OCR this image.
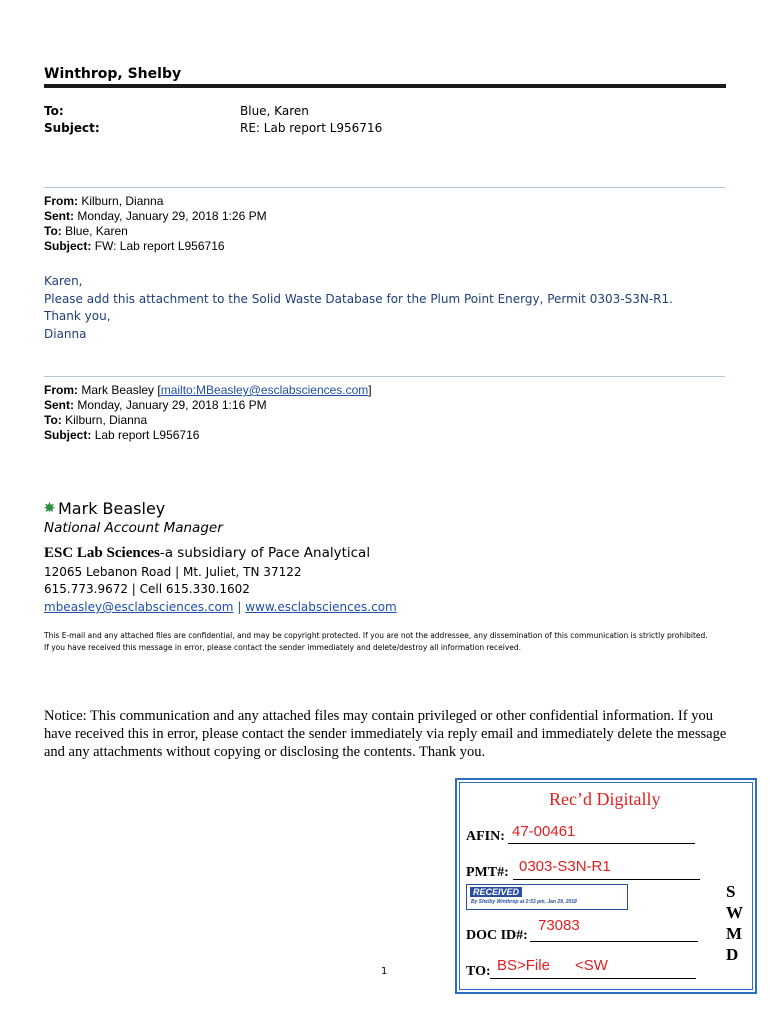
Winthrop, Shelby
To:	Blue, Karen
Subject:	RE: Lab report L956716
From: Kilburn, Dianna
Sent: Monday, January 29, 2018 1:26 PM
To: Blue, Karen
Subject: FW: Lab report L956716
Karen,
Please add this attachment to the Solid Waste Database for the Plum Point Energy, Permit 0303-S3N-R1.
Thank you,
Dianna
From: Mark Beasley [mailto:MBeasley@esclabsciences.com]
Sent: Monday, January 29, 2018 1:16 PM
To: Kilburn, Dianna
Subject: Lab report L956716
Mark Beasley
National Account Manager
ESC Lab Sciences-a subsidiary of Pace Analytical
12065 Lebanon Road | Mt. Juliet, TN 37122
615.773.9672 | Cell 615.330.1602
mbeasley@esclabsciences.com | www.esclabsciences.com
This E-mail and any attached files are confidential, and may be copyright protected. If you are not the addressee, any dissemination of this communication is strictly prohibited.
If you have received this message in error, please contact the sender immediately and delete/destroy all information received.
Notice: This communication and any attached files may contain privileged or other confidential information. If you have received this in error, please contact the sender immediately via reply email and immediately delete the message and any attachments without copying or disclosing the contents. Thank you.
Rec’d Digitally
AFIN: 47-00461
PMT#: 0303-S3N-R1
RECEIVED
By Shelby Winthrop at 2:53 pm, Jan 29, 2018
DOC ID#:
73083
TO: BS>File <SW
S
W
M
D
1
